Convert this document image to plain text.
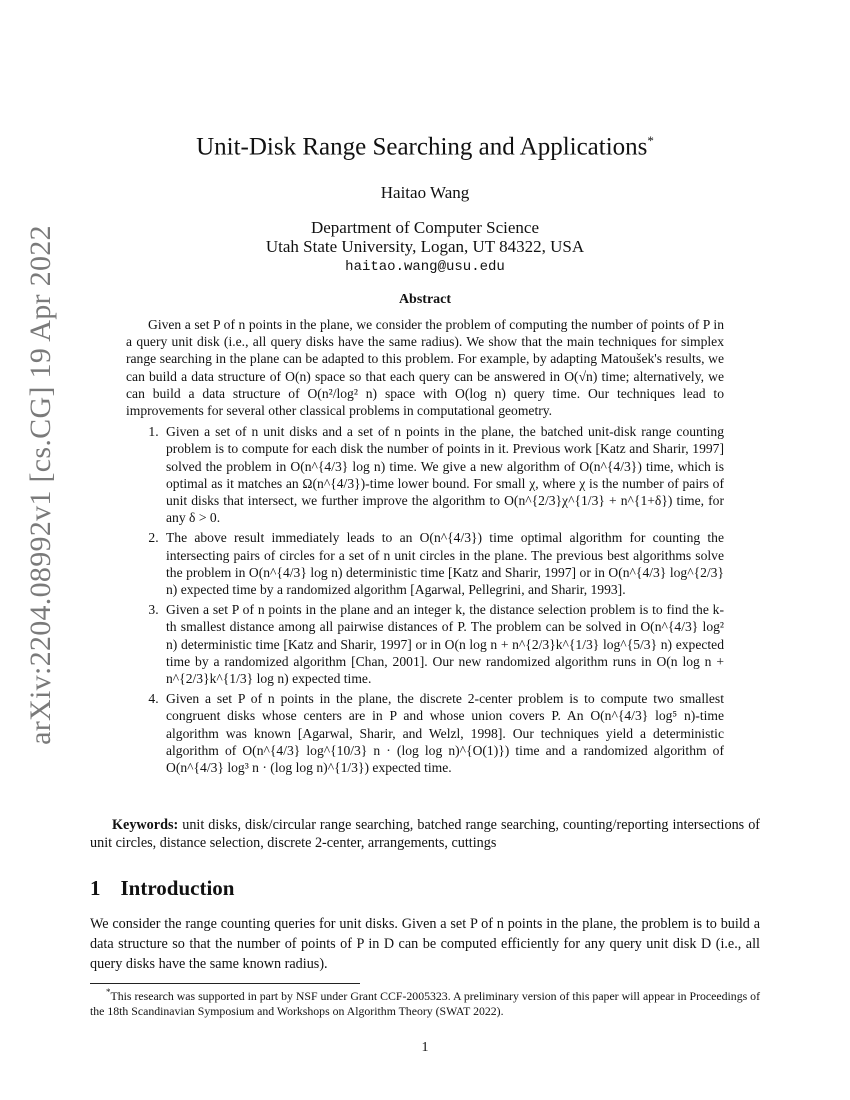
arXiv:2204.08992v1 [cs.CG] 19 Apr 2022
Unit-Disk Range Searching and Applications*
Haitao Wang
Department of Computer Science
Utah State University, Logan, UT 84322, USA
haitao.wang@usu.edu
Abstract

Given a set P of n points in the plane, we consider the problem of computing the number of points of P in a query unit disk (i.e., all query disks have the same radius). We show that the main techniques for simplex range searching in the plane can be adapted to this problem. For example, by adapting Matoušek's results, we can build a data structure of O(n) space so that each query can be answered in O(√n) time; alternatively, we can build a data structure of O(n²/log² n) space with O(log n) query time. Our techniques lead to improvements for several other classical problems in computational geometry.

1. Given a set of n unit disks and a set of n points in the plane, the batched unit-disk range counting problem is to compute for each disk the number of points in it. Previous work [Katz and Sharir, 1997] solved the problem in O(n^{4/3} log n) time. We give a new algorithm of O(n^{4/3}) time, which is optimal as it matches an Ω(n^{4/3})-time lower bound. For small χ, where χ is the number of pairs of unit disks that intersect, we further improve the algorithm to O(n^{2/3}χ^{1/3} + n^{1+δ}) time, for any δ > 0.
2. The above result immediately leads to an O(n^{4/3}) time optimal algorithm for counting the intersecting pairs of circles for a set of n unit circles in the plane. The previous best algorithms solve the problem in O(n^{4/3} log n) deterministic time [Katz and Sharir, 1997] or in O(n^{4/3} log^{2/3} n) expected time by a randomized algorithm [Agarwal, Pellegrini, and Sharir, 1993].
3. Given a set P of n points in the plane and an integer k, the distance selection problem is to find the k-th smallest distance among all pairwise distances of P. The problem can be solved in O(n^{4/3} log² n) deterministic time [Katz and Sharir, 1997] or in O(n log n + n^{2/3}k^{1/3} log^{5/3} n) expected time by a randomized algorithm [Chan, 2001]. Our new randomized algorithm runs in O(n log n + n^{2/3}k^{1/3} log n) expected time.
4. Given a set P of n points in the plane, the discrete 2-center problem is to compute two smallest congruent disks whose centers are in P and whose union covers P. An O(n^{4/3} log⁵ n)-time algorithm was known [Agarwal, Sharir, and Welzl, 1998]. Our techniques yield a deterministic algorithm of O(n^{4/3} log^{10/3} n · (log log n)^{O(1)}) time and a randomized algorithm of O(n^{4/3} log³ n · (log log n)^{1/3}) expected time.
Keywords: unit disks, disk/circular range searching, batched range searching, counting/reporting intersections of unit circles, distance selection, discrete 2-center, arrangements, cuttings
1 Introduction
We consider the range counting queries for unit disks. Given a set P of n points in the plane, the problem is to build a data structure so that the number of points of P in D can be computed efficiently for any query unit disk D (i.e., all query disks have the same known radius).
*This research was supported in part by NSF under Grant CCF-2005323. A preliminary version of this paper will appear in Proceedings of the 18th Scandinavian Symposium and Workshops on Algorithm Theory (SWAT 2022).
1
